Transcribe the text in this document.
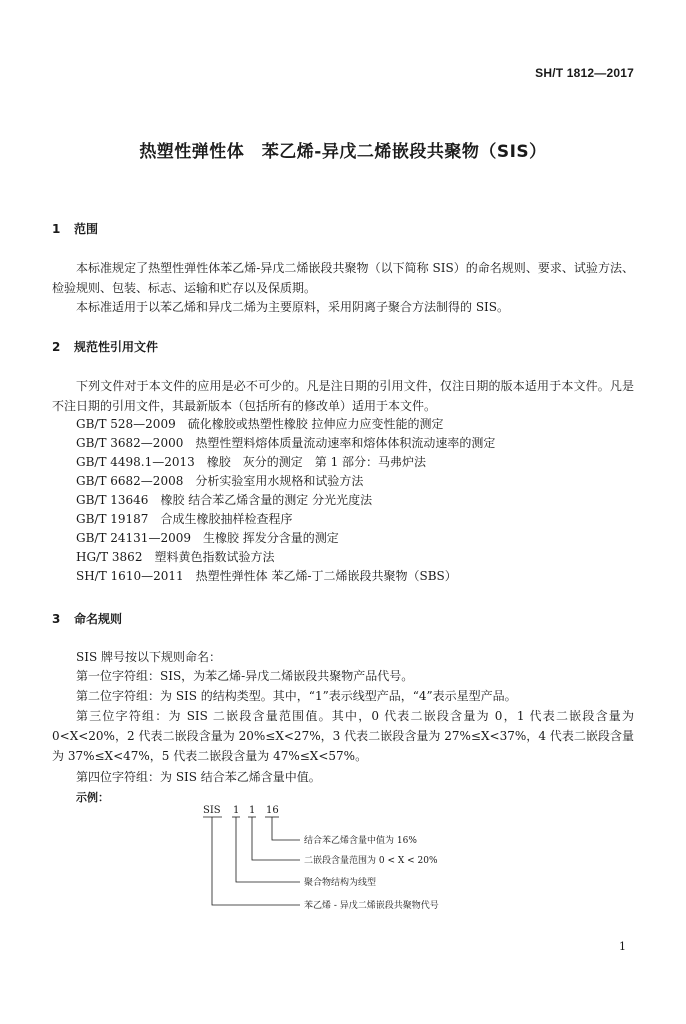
SH/T 1812—2017
热塑性弹性体　苯乙烯-异戊二烯嵌段共聚物（SIS）
1 范围
本标准规定了热塑性弹性体苯乙烯-异戊二烯嵌段共聚物（以下简称 SIS）的命名规则、要求、试验方法、检验规则、包装、标志、运输和贮存以及保质期。
本标准适用于以苯乙烯和异戊二烯为主要原料，采用阴离子聚合方法制得的 SIS。
2 规范性引用文件
下列文件对于本文件的应用是必不可少的。凡是注日期的引用文件，仅注日期的版本适用于本文件。凡是不注日期的引用文件，其最新版本（包括所有的修改单）适用于本文件。
GB/T 528—2009 硫化橡胶或热塑性橡胶 拉伸应力应变性能的测定
GB/T 3682—2000 热塑性塑料熔体质量流动速率和熔体体积流动速率的测定
GB/T 4498.1—2013 橡胶　灰分的测定　第 1 部分：马弗炉法
GB/T 6682—2008 分析实验室用水规格和试验方法
GB/T 13646 橡胶 结合苯乙烯含量的测定 分光光度法
GB/T 19187 合成生橡胶抽样检查程序
GB/T 24131—2009 生橡胶 挥发分含量的测定
HG/T 3862 塑料黄色指数试验方法
SH/T 1610—2011 热塑性弹性体 苯乙烯-丁二烯嵌段共聚物（SBS）
3 命名规则
SIS 牌号按以下规则命名：
第一位字符组：SIS，为苯乙烯-异戊二烯嵌段共聚物产品代号。
第二位字符组：为 SIS 的结构类型。其中，“1”表示线型产品，“4”表示星型产品。
第三位字符组：为 SIS 二嵌段含量范围值。其中，0 代表二嵌段含量为 0，1 代表二嵌段含量为 0<X<20%，2 代表二嵌段含量为 20%≤X<27%，3 代表二嵌段含量为 27%≤X<37%，4 代表二嵌段含量为 37%≤X<47%，5 代表二嵌段含量为 47%≤X<57%。
第四位字符组：为 SIS 结合苯乙烯含量中值。
示例：
SIS 1 1 16
结合苯乙烯含量中值为 16%
二嵌段含量范围为 0 < X < 20%
聚合物结构为线型
苯乙烯 - 异戊二烯嵌段共聚物代号
1
